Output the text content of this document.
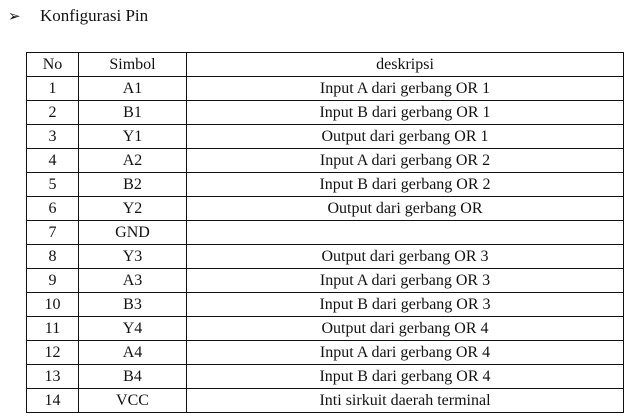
➢	Konfigurasi Pin
No	Simbol	deskripsi
1	A1	Input A dari gerbang OR 1
2	B1	Input B dari gerbang OR 1
3	Y1	Output dari gerbang OR 1
4	A2	Input A dari gerbang OR 2
5	B2	Input B dari gerbang OR 2
6	Y2	Output dari gerbang OR
7	GND	
8	Y3	Output dari gerbang OR 3
9	A3	Input A dari gerbang OR 3
10	B3	Input B dari gerbang OR 3
11	Y4	Output dari gerbang OR 4
12	A4	Input A dari gerbang OR 4
13	B4	Input B dari gerbang OR 4
14	VCC	Inti sirkuit daerah terminal
